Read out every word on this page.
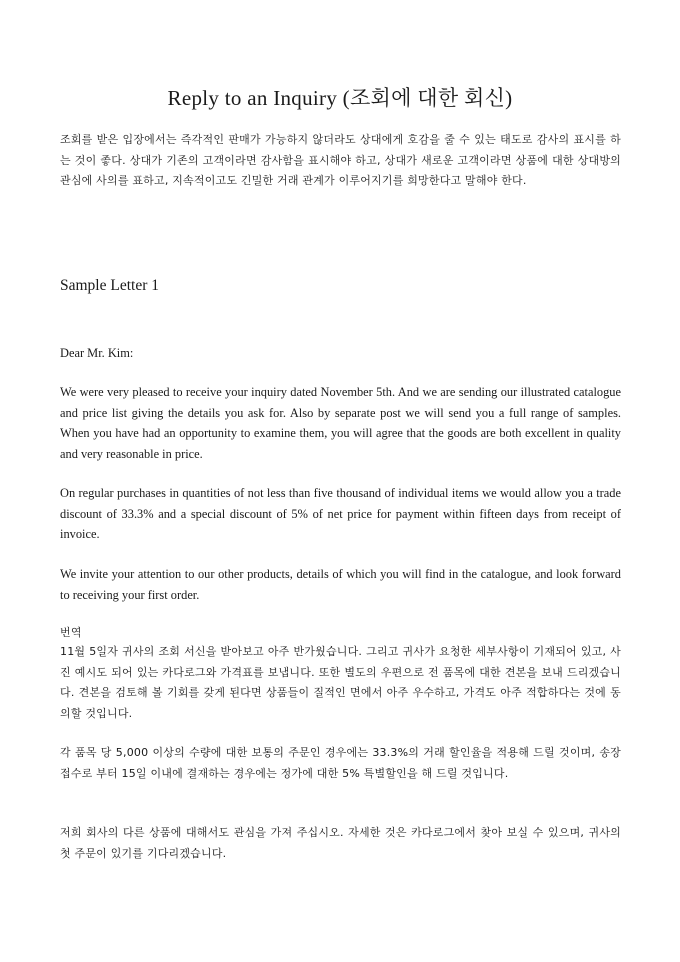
Reply to an Inquiry (조회에 대한 회신)
조회를 받은 입장에서는 즉각적인 판매가 가능하지 않더라도 상대에게 호감을 줄 수 있는 태도로 감사의 표시를 하는 것이 좋다. 상대가 기존의 고객이라면 감사함을 표시해야 하고, 상대가 새로운 고객이라면 상품에 대한 상대방의 관심에 사의를 표하고, 지속적이고도 긴밀한 거래 관계가 이루어지기를 희망한다고 말해야 한다.
Sample Letter 1
Dear Mr. Kim:
We were very pleased to receive your inquiry dated November 5th. And we are sending our illustrated catalogue and price list giving the details you ask for. Also by separate post we will send you a full range of samples. When you have had an opportunity to examine them, you will agree that the goods are both excellent in quality and very reasonable in price.
On regular purchases in quantities of not less than five thousand of individual items we would allow you a trade discount of 33.3% and a special discount of 5% of net price for payment within fifteen days from receipt of invoice.
We invite your attention to our other products, details of which you will find in the catalogue, and look forward to receiving your first order.
번역
11월 5일자 귀사의 조회 서신을 받아보고 아주 반가웠습니다. 그리고 귀사가 요청한 세부사항이 기재되어 있고, 사진 예시도 되어 있는 카다로그와 가격표를 보냅니다. 또한 별도의 우편으로 전 품목에 대한 견본을 보내 드리겠습니다. 견본을 검토해 볼 기회를 갖게 된다면 상품들이 질적인 면에서 아주 우수하고, 가격도 아주 적합하다는 것에 동의할 것입니다.
각 품목 당 5,000 이상의 수량에 대한 보통의 주문인 경우에는 33.3%의 거래 할인율을 적용해 드릴 것이며, 송장 접수로 부터 15일 이내에 결재하는 경우에는 정가에 대한 5% 특별할인을 해 드릴 것입니다.
저희 회사의 다른 상품에 대해서도 관심을 가져 주십시오. 자세한 것은 카다로그에서 찾아 보실 수 있으며, 귀사의 첫 주문이 있기를 기다리겠습니다.
